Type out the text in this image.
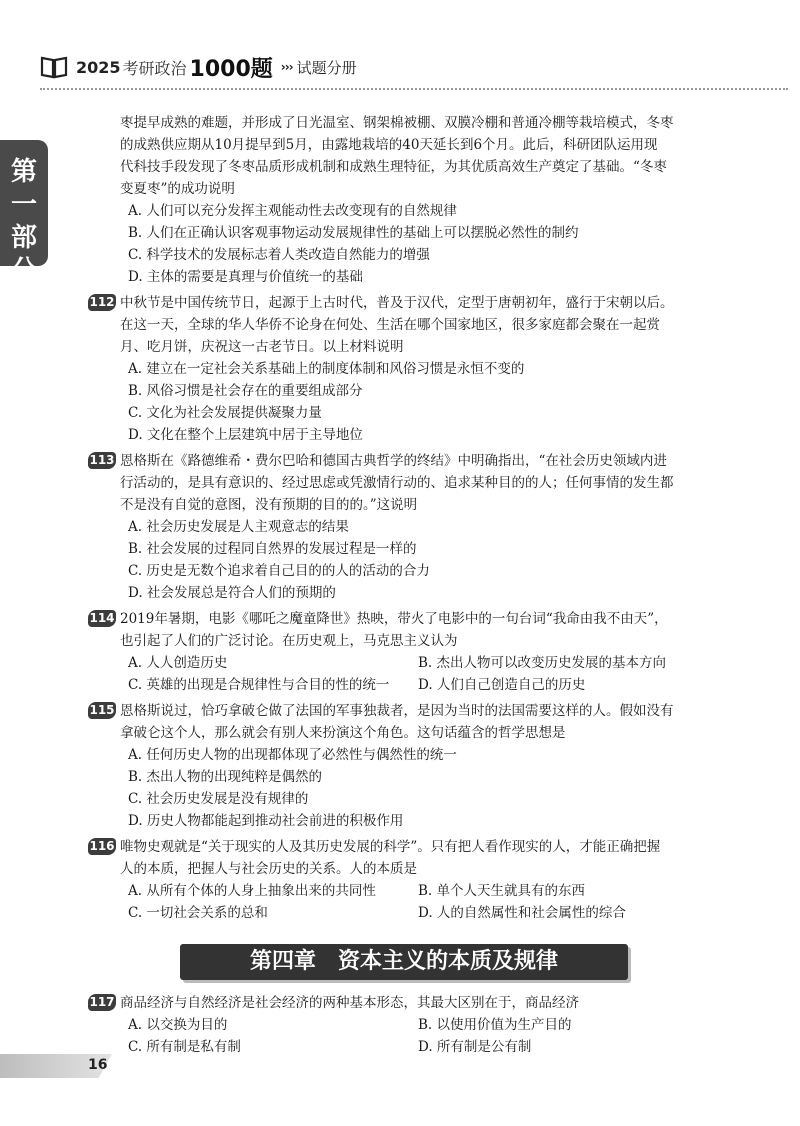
2025 考研政治 1000题 ››› 试题分册
第一部分

枣提早成熟的难题，并形成了日光温室、钢架棉被棚、双膜冷棚和普通冷棚等栽培模式，冬枣

的成熟供应期从10月提早到5月，由露地栽培的40天延长到6个月。此后，科研团队运用现

代科技手段发现了冬枣品质形成机制和成熟生理特征，为其优质高效生产奠定了基础。“冬枣

变夏枣”的成功说明

A. 人们可以充分发挥主观能动性去改变现有的自然规律

B. 人们在正确认识客观事物运动发展规律性的基础上可以摆脱必然性的制约

C. 科学技术的发展标志着人类改造自然能力的增强

D. 主体的需要是真理与价值统一的基础

112 中秋节是中国传统节日，起源于上古时代，普及于汉代，定型于唐朝初年，盛行于宋朝以后。

在这一天，全球的华人华侨不论身在何处、生活在哪个国家地区，很多家庭都会聚在一起赏

月、吃月饼，庆祝这一古老节日。以上材料说明

A. 建立在一定社会关系基础上的制度体制和风俗习惯是永恒不变的

B. 风俗习惯是社会存在的重要组成部分

C. 文化为社会发展提供凝聚力量

D. 文化在整个上层建筑中居于主导地位

113 恩格斯在《路德维希・费尔巴哈和德国古典哲学的终结》中明确指出，“在社会历史领域内进

行活动的，是具有意识的、经过思虑或凭激情行动的、追求某种目的的人；任何事情的发生都

不是没有自觉的意图，没有预期的目的的。”这说明

A. 社会历史发展是人主观意志的结果

B. 社会发展的过程同自然界的发展过程是一样的

C. 历史是无数个追求着自己目的的人的活动的合力

D. 社会发展总是符合人们的预期的

114 2019年暑期，电影《哪吒之魔童降世》热映，带火了电影中的一句台词“我命由我不由天”，

也引起了人们的广泛讨论。在历史观上，马克思主义认为

A. 人人创造历史	B. 杰出人物可以改变历史发展的基本方向
C. 英雄的出现是合规律性与合目的性的统一	D. 人们自己创造自己的历史
115 恩格斯说过，恰巧拿破仑做了法国的军事独裁者，是因为当时的法国需要这样的人。假如没有

拿破仑这个人，那么就会有别人来扮演这个角色。这句话蕴含的哲学思想是

A. 任何历史人物的出现都体现了必然性与偶然性的统一

B. 杰出人物的出现纯粹是偶然的

C. 社会历史发展是没有规律的

D. 历史人物都能起到推动社会前进的积极作用

116 唯物史观就是“关于现实的人及其历史发展的科学”。只有把人看作现实的人，才能正确把握

人的本质，把握人与社会历史的关系。人的本质是

A. 从所有个体的人身上抽象出来的共同性	B. 单个人天生就具有的东西
C. 一切社会关系的总和	D. 人的自然属性和社会属性的综合
第四章　资本主义的本质及规律
117 商品经济与自然经济是社会经济的两种基本形态，其最大区别在于，商品经济

A. 以交换为目的	B. 以使用价值为生产目的
C. 所有制是私有制	D. 所有制是公有制
16
